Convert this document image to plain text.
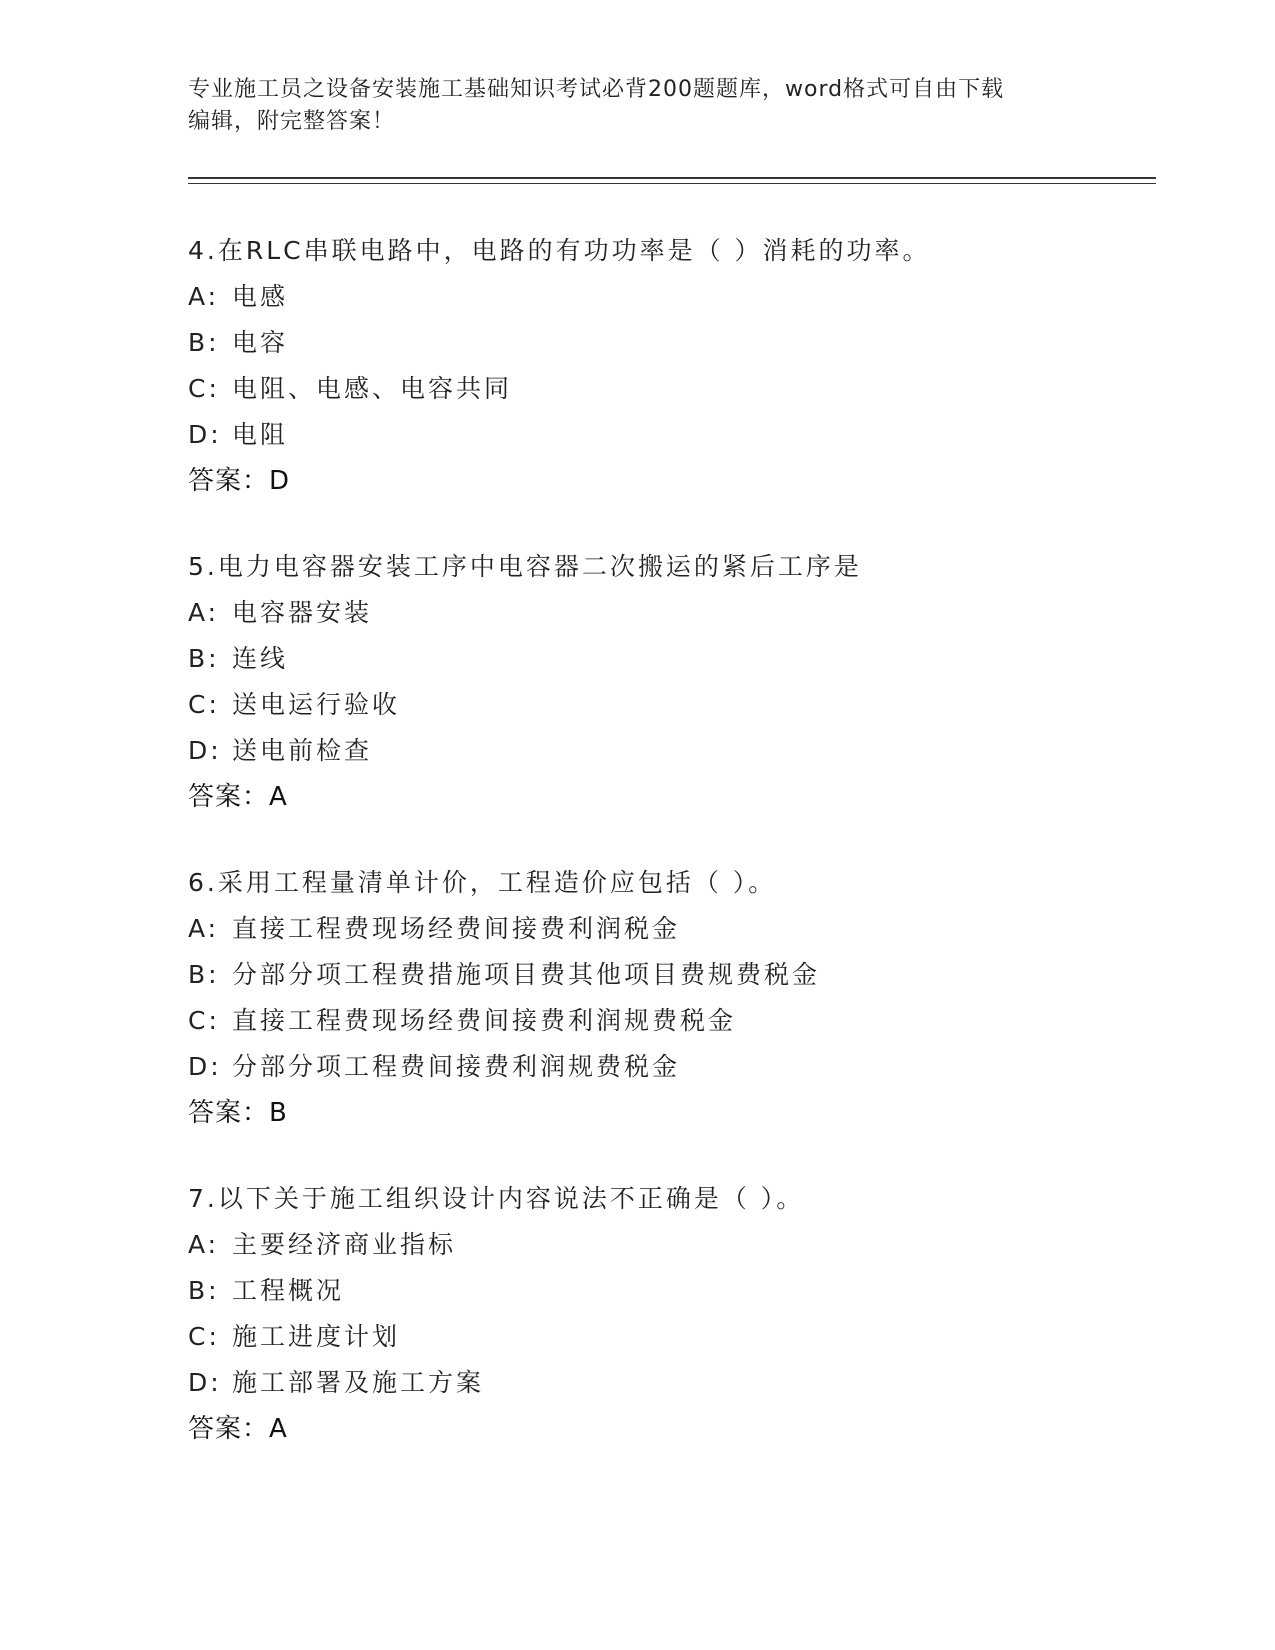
专业施工员之设备安装施工基础知识考试必背200题题库，word格式可自由下载
编辑，附完整答案！
4.在RLC串联电路中，电路的有功功率是（ ）消耗的功率。
A: 电感
B: 电容
C: 电阻、电感、电容共同
D: 电阻
答案：D
5.电力电容器安装工序中电容器二次搬运的紧后工序是
A: 电容器安装
B: 连线
C: 送电运行验收
D: 送电前检查
答案：A
6.采用工程量清单计价，工程造价应包括（ ）。
A: 直接工程费现场经费间接费利润税金
B: 分部分项工程费措施项目费其他项目费规费税金
C: 直接工程费现场经费间接费利润规费税金
D: 分部分项工程费间接费利润规费税金
答案：B
7.以下关于施工组织设计内容说法不正确是（ ）。
A: 主要经济商业指标
B: 工程概况
C: 施工进度计划
D: 施工部署及施工方案
答案：A
